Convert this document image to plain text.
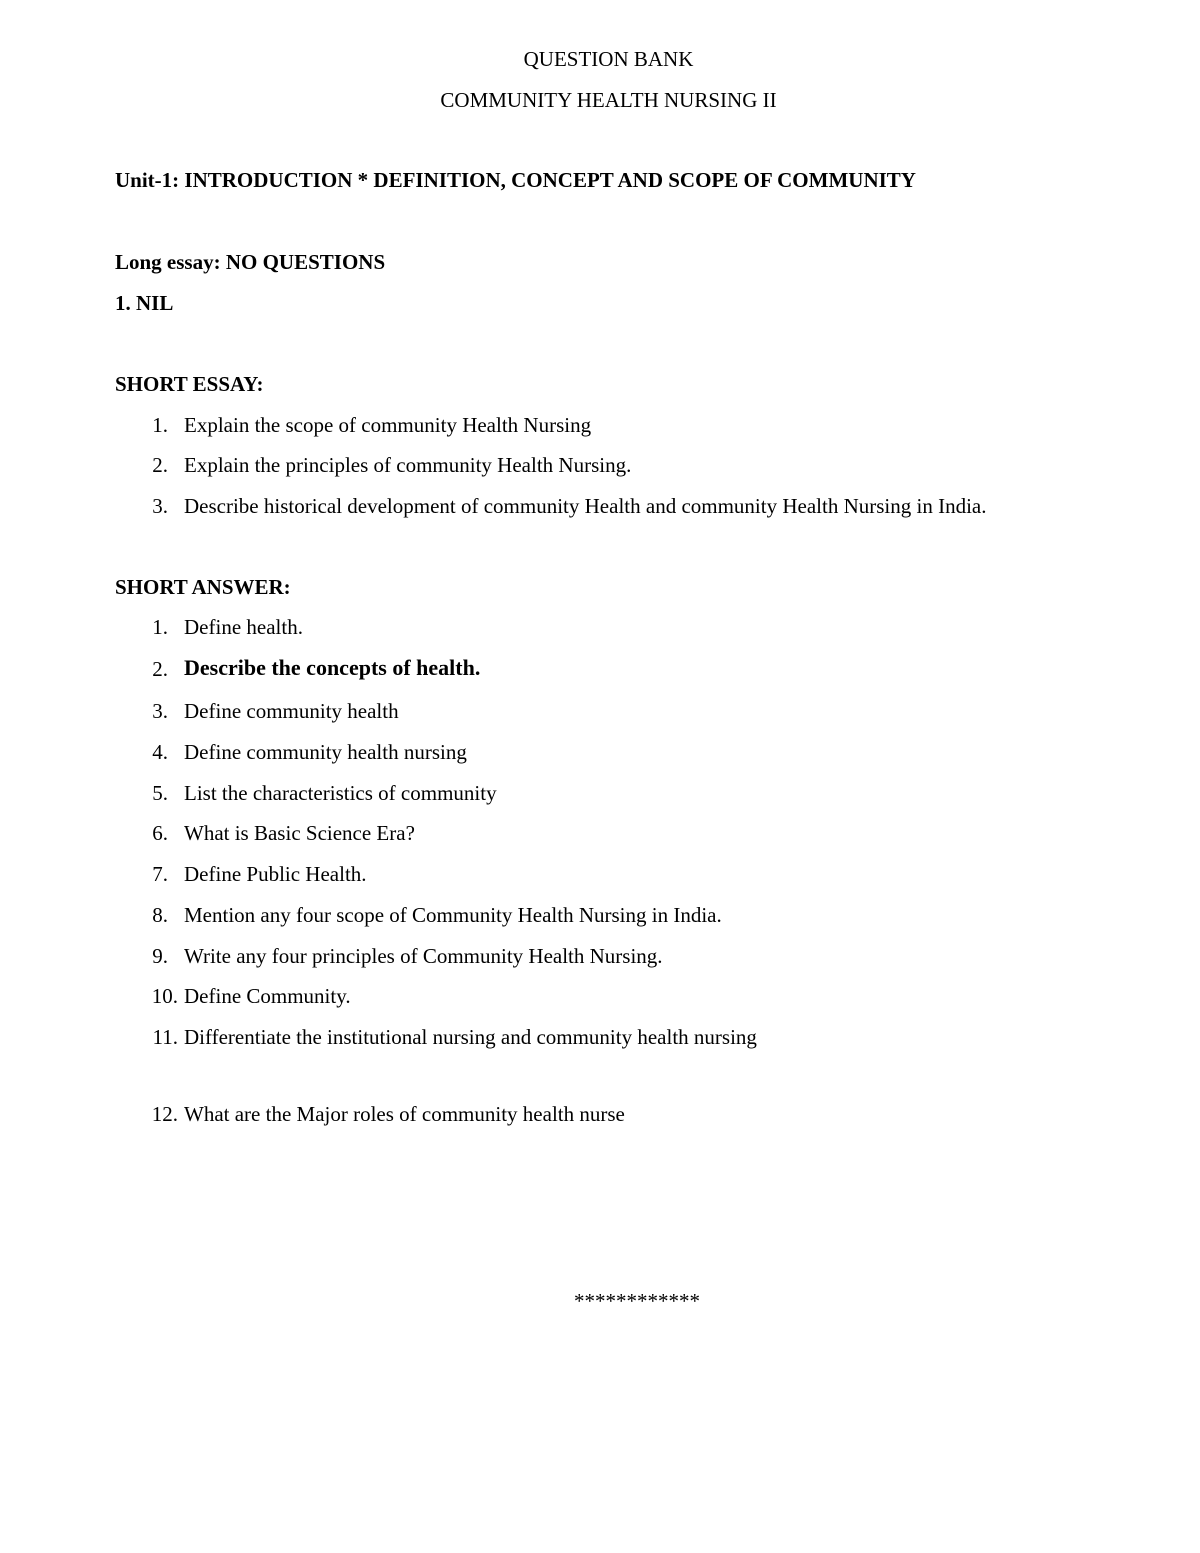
QUESTION BANK
COMMUNITY HEALTH NURSING II
Unit-1: INTRODUCTION * DEFINITION, CONCEPT AND SCOPE OF COMMUNITY
Long essay: NO QUESTIONS
1. NIL
SHORT ESSAY:
1. Explain the scope of community Health Nursing
2. Explain the principles of community Health Nursing.
3. Describe historical development of community Health and community Health Nursing in India.
SHORT ANSWER:
1. Define health.
2. Describe the concepts of health.
3. Define community health
4. Define community health nursing
5. List the characteristics of community
6. What is Basic Science Era?
7. Define Public Health.
8. Mention any four scope of Community Health Nursing in India.
9. Write any four principles of Community Health Nursing.
10. Define Community.
11. Differentiate the institutional nursing and community health nursing
12. What are the Major roles of community health nurse
************
